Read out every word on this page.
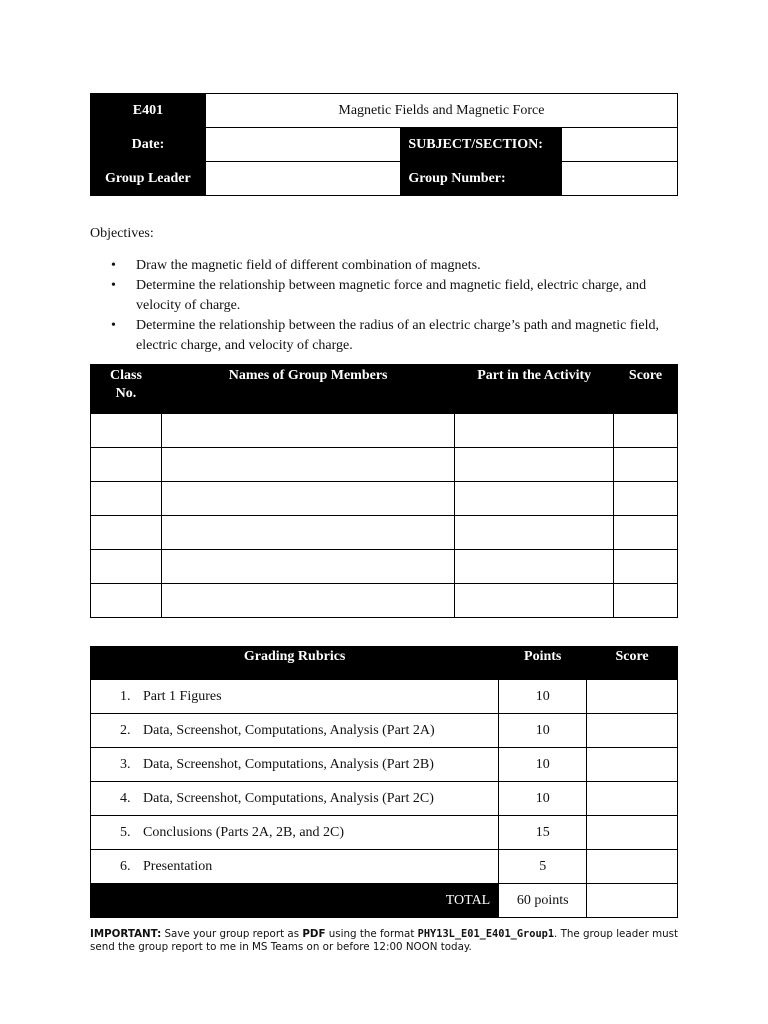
E401	Magnetic Fields and Magnetic Force		
Date:		SUBJECT/SECTION:	
Group Leader		Group Number:	
Objectives:
• Draw the magnetic field of different combination of magnets.
• Determine the relationship between magnetic force and magnetic field, electric charge, and velocity of charge.
• Determine the relationship between the radius of an electric charge’s path and magnetic field, electric charge, and velocity of charge.
Class
No.	Names of Group Members	Part in the Activity	Score

Grading Rubrics	Points	Score
1. Part 1 Figures	10	
2. Data, Screenshot, Computations, Analysis (Part 2A)	10	
3. Data, Screenshot, Computations, Analysis (Part 2B)	10	
4. Data, Screenshot, Computations, Analysis (Part 2C)	10	
5. Conclusions (Parts 2A, 2B, and 2C)	15	
6. Presentation	5	
TOTAL	60 points	
IMPORTANT: Save your group report as PDF using the format PHY13L_E01_E401_Group1. The group leader must send the group report to me in MS Teams on or before 12:00 NOON today.
